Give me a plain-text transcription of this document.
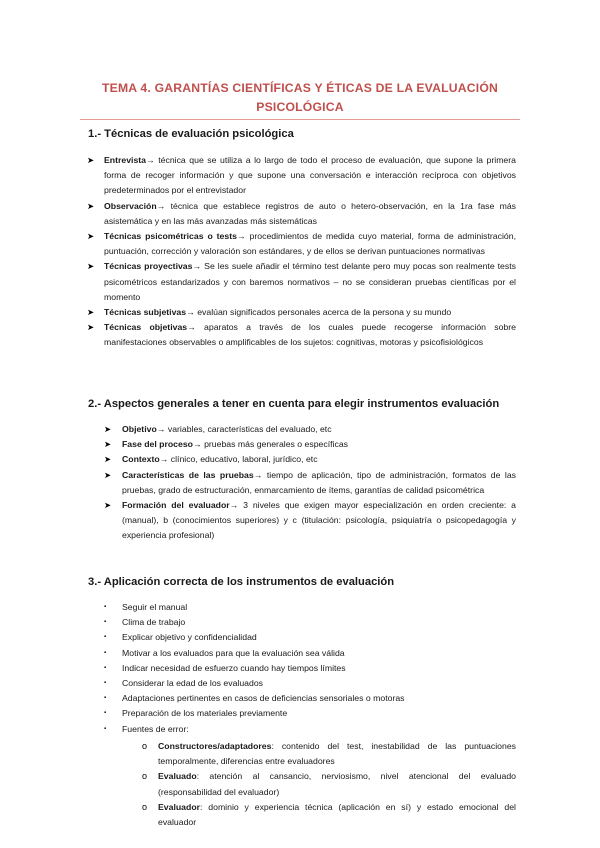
TEMA 4. GARANTÍAS CIENTÍFICAS Y ÉTICAS DE LA EVALUACIÓN PSICOLÓGICA
1.- Técnicas de evaluación psicológica
➤ Entrevista→ técnica que se utiliza a lo largo de todo el proceso de evaluación, que supone la primera forma de recoger información y que supone una conversación e interacción recíproca con objetivos predeterminados por el entrevistador
➤ Observación→ técnica que establece registros de auto o hetero-observación, en la 1ra fase más asistemática y en las más avanzadas más sistemáticas
➤ Técnicas psicométricas o tests→ procedimientos de medida cuyo material, forma de administración, puntuación, corrección y valoración son estándares, y de ellos se derivan puntuaciones normativas
➤ Técnicas proyectivas→ Se les suele añadir el término test delante pero muy pocas son realmente tests psicométricos estandarizados y con baremos normativos – no se consideran pruebas científicas por el momento
➤ Técnicas subjetivas→ evalúan significados personales acerca de la persona y su mundo
➤ Técnicas objetivas→ aparatos a través de los cuales puede recogerse información sobre manifestaciones observables o amplificables de los sujetos: cognitivas, motoras y psicofisiológicos
2.- Aspectos generales a tener en cuenta para elegir instrumentos evaluación
➤ Objetivo→ variables, características del evaluado, etc
➤ Fase del proceso→ pruebas más generales o específicas
➤ Contexto→ clínico, educativo, laboral, jurídico, etc
➤ Características de las pruebas→ tiempo de aplicación, tipo de administración, formatos de las pruebas, grado de estructuración, enmarcamiento de ítems, garantías de calidad psicométrica
➤ Formación del evaluador→ 3 niveles que exigen mayor especialización en orden creciente: a (manual), b (conocimientos superiores) y c (titulación: psicología, psiquiatría o psicopedagogía y experiencia profesional)
3.- Aplicación correcta de los instrumentos de evaluación
▪ Seguir el manual
▪ Clima de trabajo
▪ Explicar objetivo y confidencialidad
▪ Motivar a los evaluados para que la evaluación sea válida
▪ Indicar necesidad de esfuerzo cuando hay tiempos límites
▪ Considerar la edad de los evaluados
▪ Adaptaciones pertinentes en casos de deficiencias sensoriales o motoras
▪ Preparación de los materiales previamente
▪ Fuentes de error:
o Constructores/adaptadores: contenido del test, inestabilidad de las puntuaciones temporalmente, diferencias entre evaluadores
o Evaluado: atención al cansancio, nerviosismo, nivel atencional del evaluado (responsabilidad del evaluador)
o Evaluador: dominio y experiencia técnica (aplicación en sí) y estado emocional del evaluador
